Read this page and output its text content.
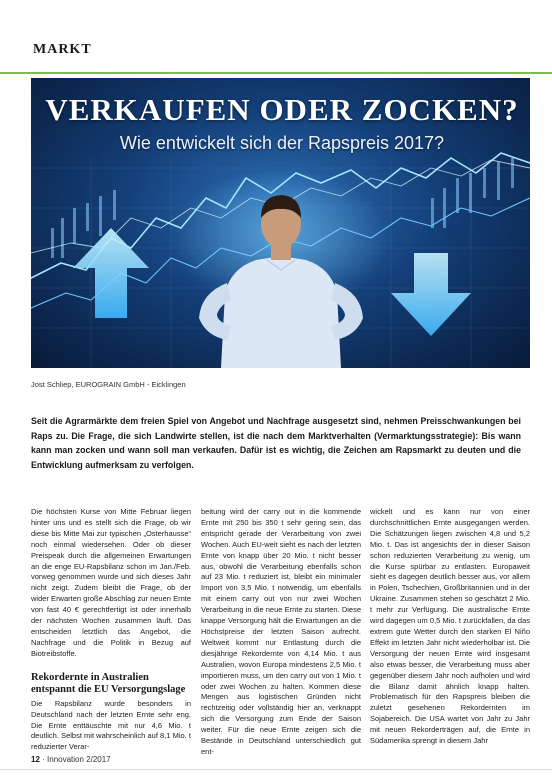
MARKT
VERKAUFEN ODER ZOCKEN?
Wie entwickelt sich der Rapspreis 2017?
Jost Schliep, EUROGRAIN GmbH - Eicklingen
Seit die Agrarmärkte dem freien Spiel von Angebot und Nachfrage ausgesetzt sind, nehmen Preisschwankungen bei Raps zu. Die Frage, die sich Landwirte stellen, ist die nach dem Marktverhalten (Vermarktungsstrategie): Bis wann kann man zocken und wann soll man verkaufen. Dafür ist es wichtig, die Zeichen am Rapsmarkt zu deuten und die Entwicklung aufmerksam zu verfolgen.

Die höchsten Kurse von Mitte Februar liegen hinter uns und es stellt sich die Frage, ob wir diese bis Mitte Mai zur typischen „Osterhausse“ noch einmal wiedersehen. Oder ob dieser Preispeak durch die allgemeinen Erwartungen an die enge EU-Rapsbilanz schon im Jan./Feb. vorweg genommen wurde und sich dieses Jahr nicht zeigt. Zudem bleibt die Frage, ob der wider Erwarten große Abschlag zur neuen Ernte von fast 40 € gerechtfertigt ist oder innerhalb der nächsten Wochen zusammen läuft. Das entscheiden letztlich das Angebot, die Nachfrage und die Politik in Bezug auf Biotreibstoffe.

Rekordernte in Australien entspannt die EU Versorgungslage

Die Rapsbilanz wurde besonders in Deutschland nach der letzten Ernte sehr eng. Die Ernte enttäuschte mit nur 4,6 Mio. t deutlich. Selbst mit wahrscheinlich auf 8,1 Mio. t reduzierter Verar-

beitung wird der carry out in die kommende Ernte mit 250 bis 350 t sehr gering sein, das entspricht gerade der Verarbeitung von zwei Wochen. Auch EU-weit sieht es nach der letzten Ernte von knapp über 20 Mio. t nicht besser aus, obwohl die Verarbeitung ebenfalls schon auf 23 Mio. t reduziert ist, bleibt ein minimaler Import von 3,5 Mio. t notwendig, um ebenfalls mit einem carry out von nur zwei Wochen Verarbeitung in die neue Ernte zu starten. Diese knappe Versorgung hält die Erwartungen an die Höchstpreise der letzten Saison aufrecht. Weltweit kommt nur Entlastung durch die diesjährige Rekordernte von 4,14 Mio. t aus Australien, wovon Europa mindestens 2,5 Mio. t importieren muss, um den carry out von 1 Mio. t oder zwei Wochen zu halten. Kommen diese Mengen aus logistischen Gründen nicht rechtzeitig oder vollständig hier an, verknappt sich die Versorgung zum Ende der Saison weiter. Für die neue Ernte zeigen sich die Bestände in Deutschland unterschiedlich gut ent-

wickelt und es kann nur von einer durchschnittlichen Ernte ausgegangen werden. Die Schätzungen liegen zwischen 4,8 und 5,2 Mio. t. Das ist angesichts der in dieser Saison schon reduzierten Verarbeitung zu wenig, um die Kurse spürbar zu entlasten. Europaweit sieht es dagegen deutlich besser aus, vor allem in Polen, Tschechien, Großbritannien und in der Ukraine. Zusammen stehen so geschätzt 2 Mio. t mehr zur Verfügung. Die australische Ernte wird dagegen um 0,5 Mio. t zurückfallen, da das extrem gute Wetter durch den starken El Niño Effekt im letzten Jahr nicht wiederholbar ist. Die Versorgung der neuen Ernte wird insgesamt also etwas besser, die Verarbeitung muss aber gegenüber diesem Jahr noch aufholen und wird die Bilanz damit ähnlich knapp halten. Problematisch für den Rapspreis bleiben die zuletzt gesehenen Rekordernten im Sojabereich. Die USA wartet von Jahr zu Jahr mit neuen Rekorderträgen auf, die Ernte in Südamerika sprengt in diesem Jahr

12 · Innovation 2/2017
